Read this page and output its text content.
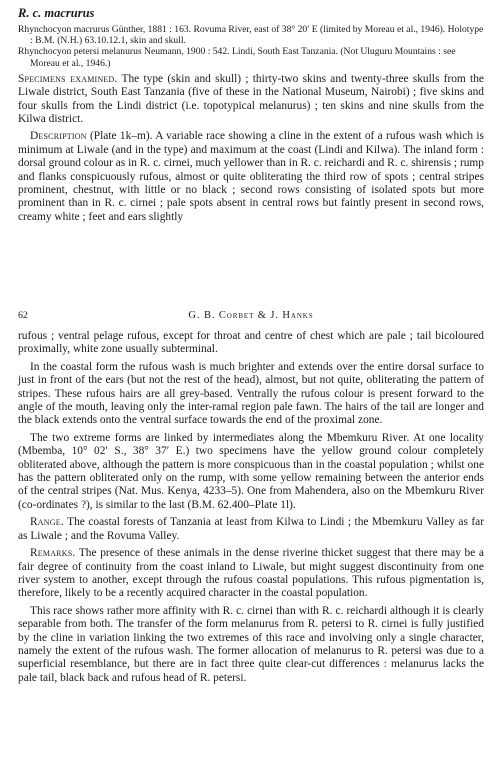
R. c. macrurus

Rhynchocyon macrurus Günther, 1881 : 163. Rovuma River, east of 38° 20′ E (limited by Moreau et al., 1946). Holotype : B.M. (N.H.) 63.10.12.1, skin and skull.

Rhynchocyon petersi melanurus Neumann, 1900 : 542. Lindi, South East Tanzania. (Not Uluguru Mountains : see Moreau et al., 1946.)

Specimens examined. The type (skin and skull) ; thirty-two skins and twenty-three skulls from the Liwale district, South East Tanzania (five of these in the National Museum, Nairobi) ; five skins and four skulls from the Lindi district (i.e. topotypical melanurus) ; ten skins and nine skulls from the Kilwa district.

Description (Plate 1k–m). A variable race showing a cline in the extent of a rufous wash which is minimum at Liwale (and in the type) and maximum at the coast (Lindi and Kilwa). The inland form : dorsal ground colour as in R. c. cirnei, much yellower than in R. c. reichardi and R. c. shirensis ; rump and flanks conspicuously rufous, almost or quite obliterating the third row of spots ; central stripes prominent, chestnut, with little or no black ; second rows consisting of isolated spots but more prominent than in R. c. cirnei ; pale spots absent in central rows but faintly present in second rows, creamy white ; feet and ears slightly

62	G. B. Corbet & J. Hanks

rufous ; ventral pelage rufous, except for throat and centre of chest which are pale ; tail bicoloured proximally, white zone usually subterminal.

In the coastal form the rufous wash is much brighter and extends over the entire dorsal surface to just in front of the ears (but not the rest of the head), almost, but not quite, obliterating the pattern of stripes. These rufous hairs are all grey-based. Ventrally the rufous colour is present forward to the angle of the mouth, leaving only the inter-ramal region pale fawn. The hairs of the tail are longer and the black extends onto the ventral surface towards the end of the proximal zone.

The two extreme forms are linked by intermediates along the Mbemkuru River. At one locality (Mbemba, 10° 02′ S., 38° 37′ E.) two specimens have the yellow ground colour completely obliterated above, although the pattern is more conspicuous than in the coastal population ; whilst one has the pattern obliterated only on the rump, with some yellow remaining between the anterior ends of the central stripes (Nat. Mus. Kenya, 4233–5). One from Mahendera, also on the Mbemkuru River (co-ordinates ?), is similar to the last (B.M. 62.400–Plate 1l).

Range. The coastal forests of Tanzania at least from Kilwa to Lindi ; the Mbemkuru Valley as far as Liwale ; and the Rovuma Valley.

Remarks. The presence of these animals in the dense riverine thicket suggest that there may be a fair degree of continuity from the coast inland to Liwale, but might suggest discontinuity from one river system to another, except through the rufous coastal populations. This rufous pigmentation is, therefore, likely to be a recently acquired character in the coastal population.

This race shows rather more affinity with R. c. cirnei than with R. c. reichardi although it is clearly separable from both. The transfer of the form melanurus from R. petersi to R. cirnei is fully justified by the cline in variation linking the two extremes of this race and involving only a single character, namely the extent of the rufous wash. The former allocation of melanurus to R. petersi was due to a superficial resemblance, but there are in fact three quite clear-cut differences : melanurus lacks the pale tail, black back and rufous head of R. petersi.
